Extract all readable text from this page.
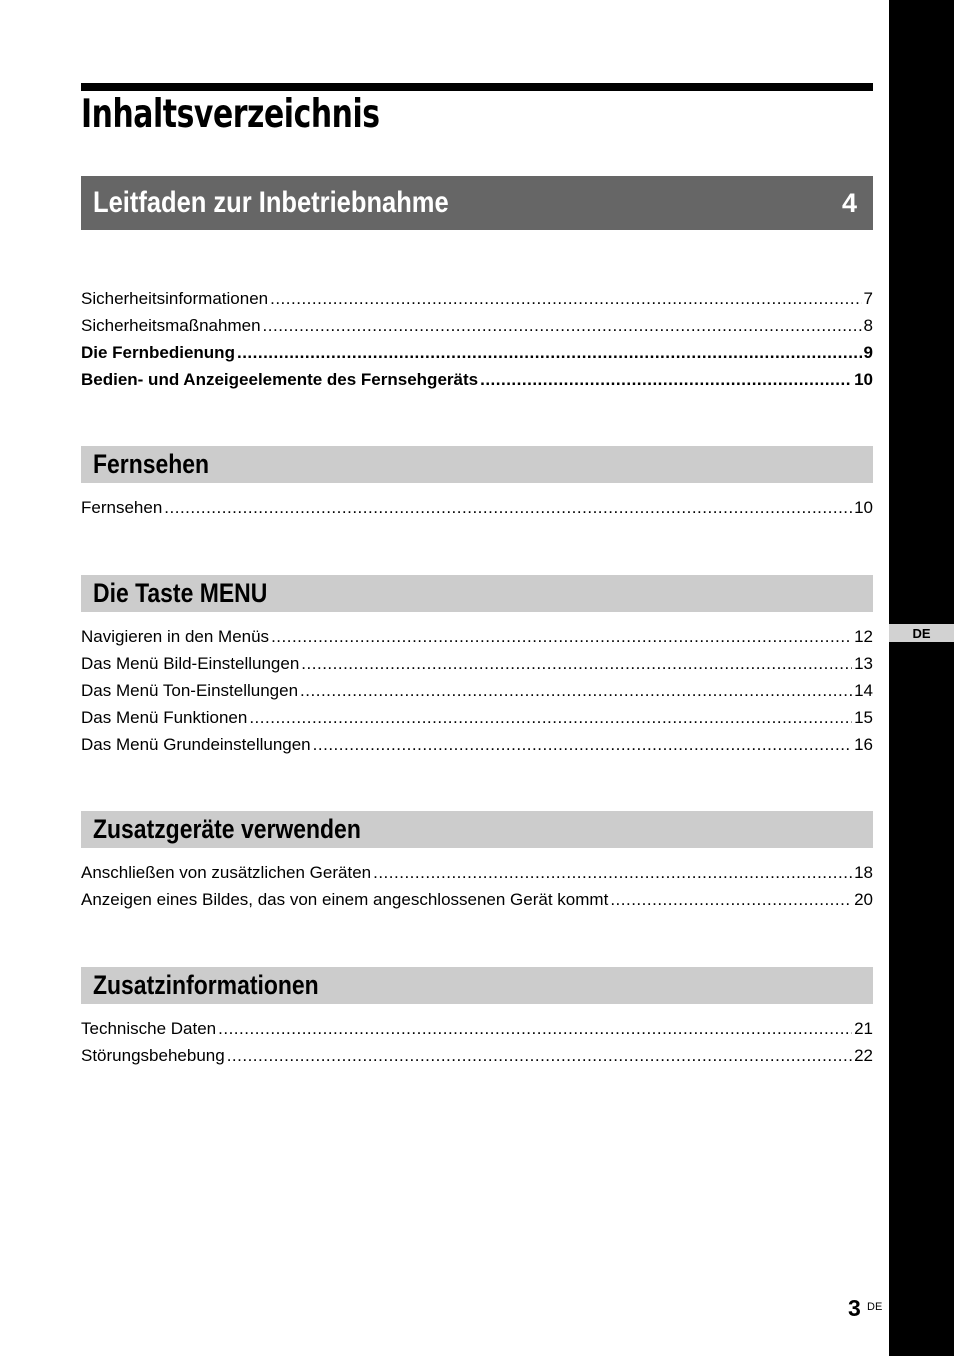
DE
Inhaltsverzeichnis
Leitfaden zur Inbetriebnahme	4
Sicherheitsinformationen .....	7
Sicherheitsmaßnahmen .....	8
Die Fernbedienung .....	9
Bedien- und Anzeigeelemente des Fernsehgeräts .....	10
Fernsehen
Fernsehen .....	10
Die Taste MENU
Navigieren in den Menüs .....	12
Das Menü Bild-Einstellungen .....	13
Das Menü Ton-Einstellungen .....	14
Das Menü Funktionen .....	15
Das Menü Grundeinstellungen .....	16
Zusatzgeräte verwenden
Anschließen von zusätzlichen Geräten .....	18
Anzeigen eines Bildes, das von einem angeschlossenen Gerät kommt .....	20
Zusatzinformationen
Technische Daten .....	21
Störungsbehebung .....	22
3 DE
